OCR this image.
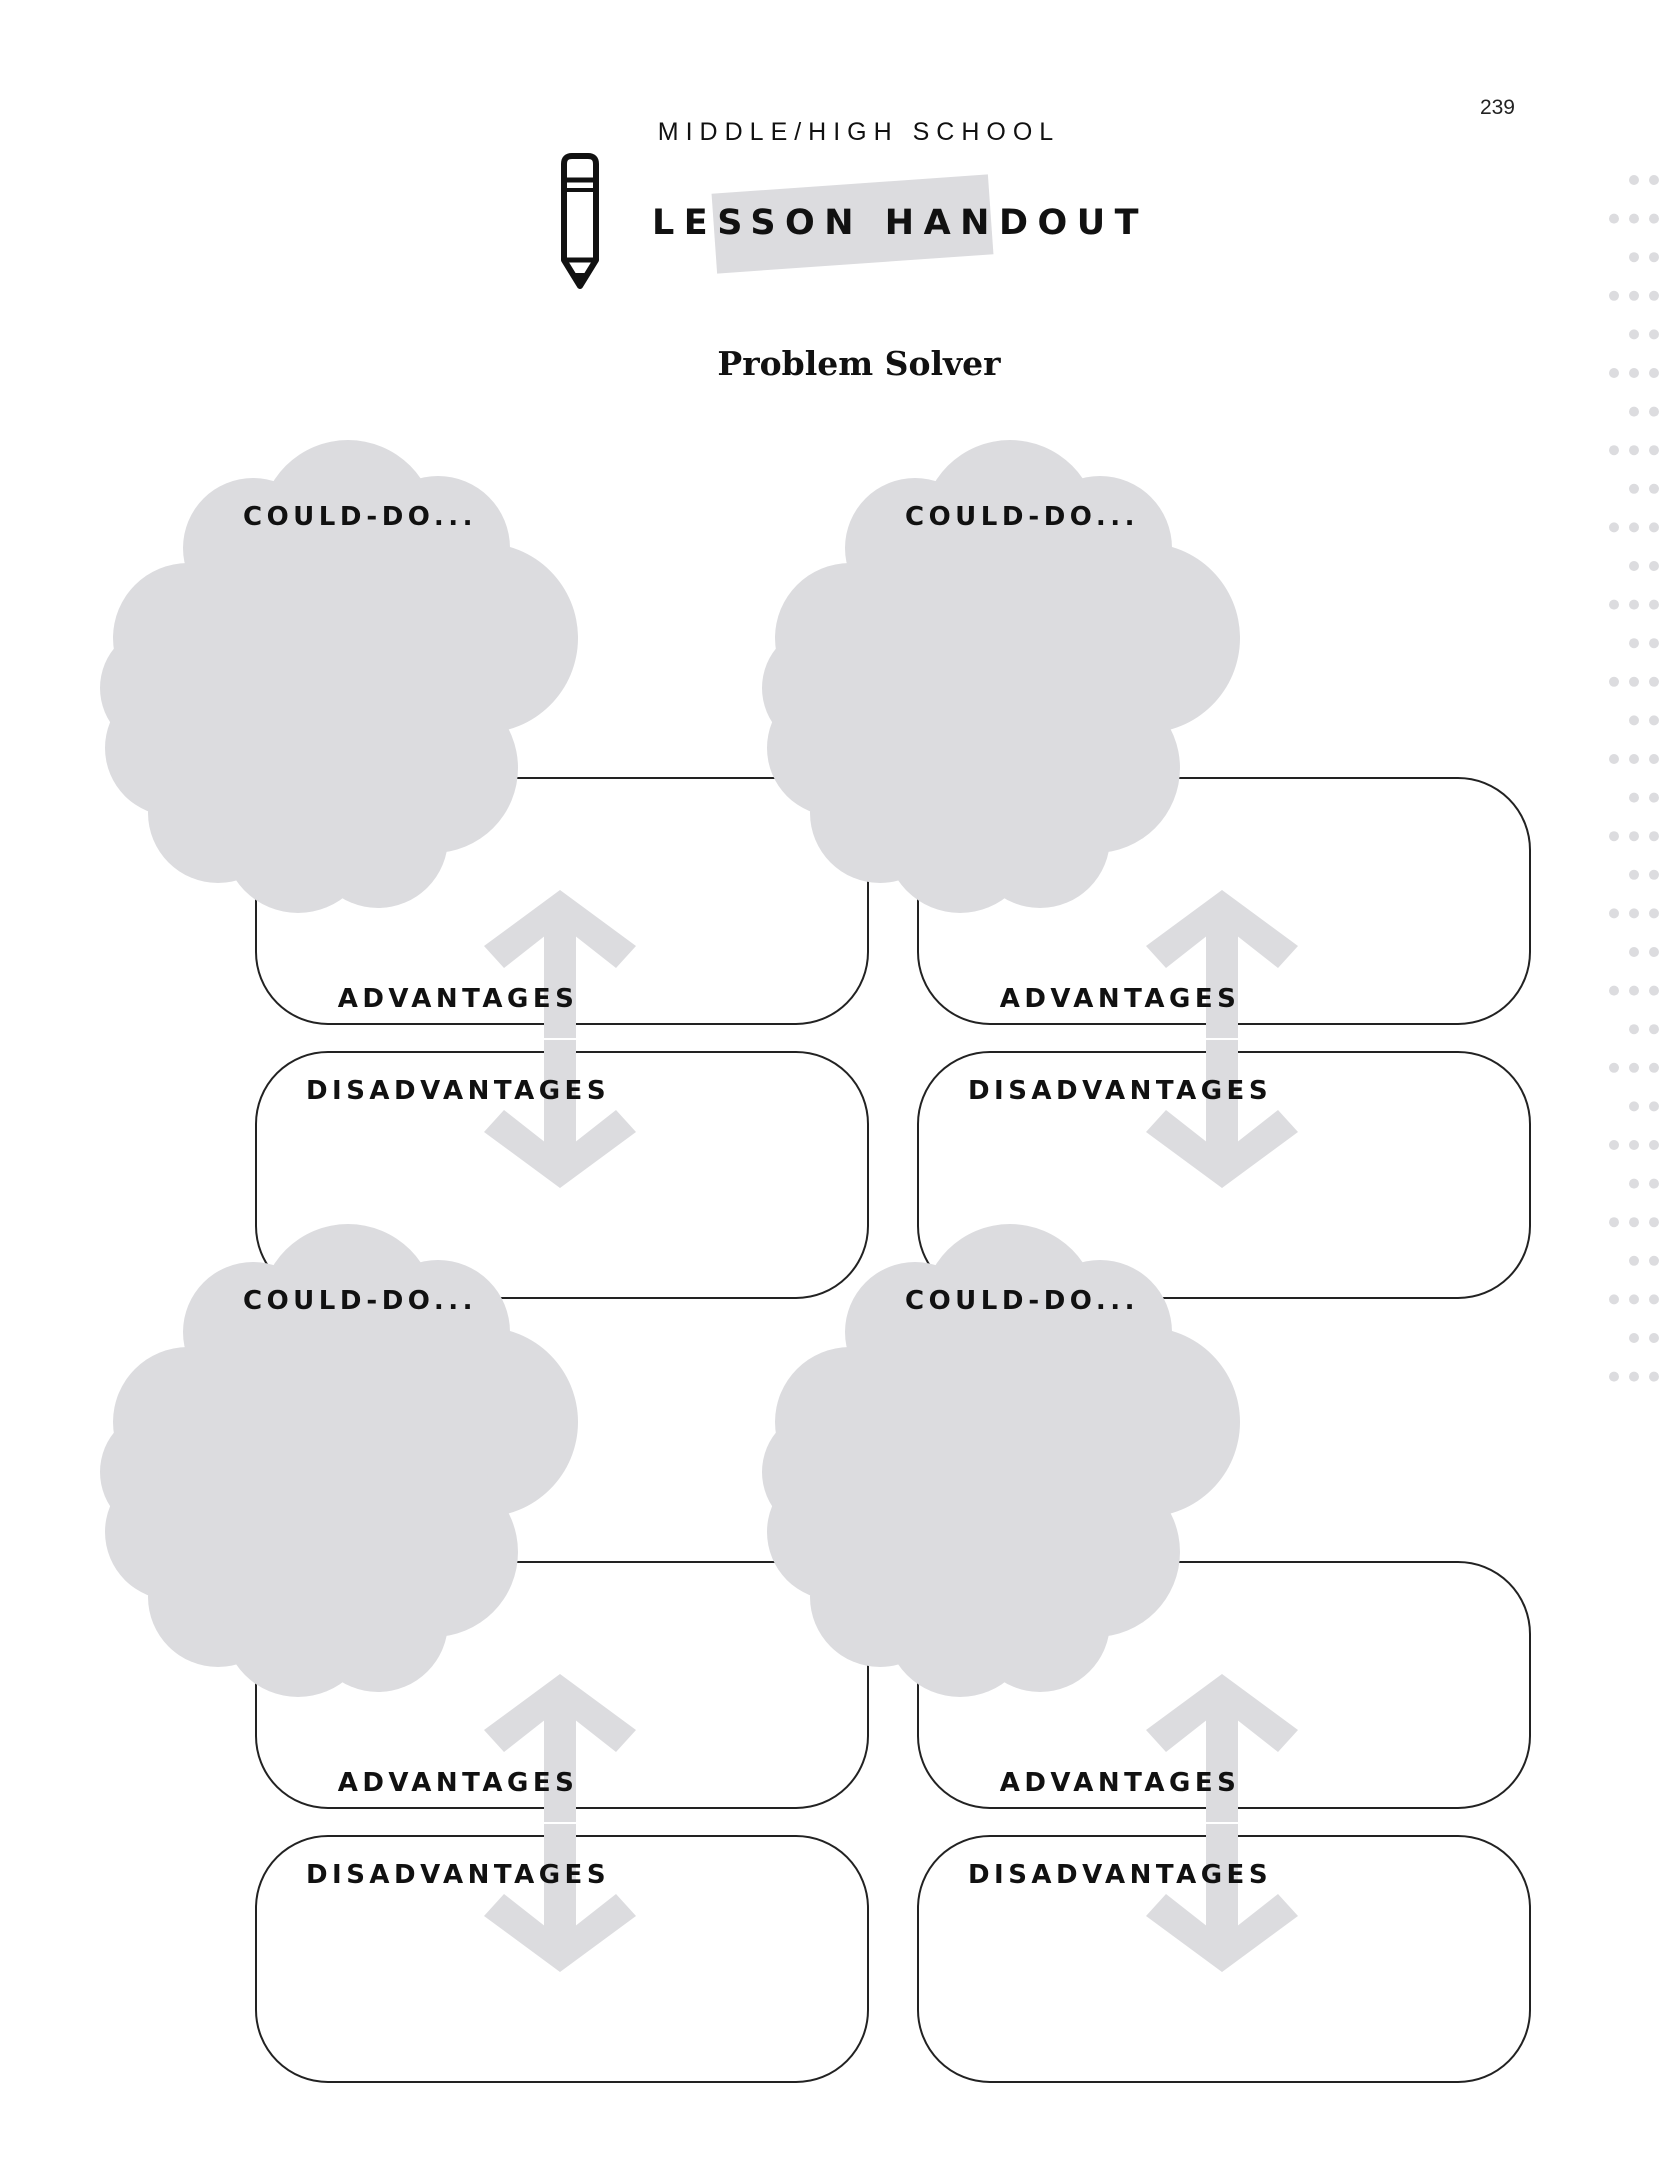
239
MIDDLE/HIGH SCHOOL
LESSON HANDOUT
Problem Solver
COULD-DO...
ADVANTAGES
DISADVANTAGES
COULD-DO...
ADVANTAGES
DISADVANTAGES
COULD-DO...
ADVANTAGES
DISADVANTAGES
COULD-DO...
ADVANTAGES
DISADVANTAGES
